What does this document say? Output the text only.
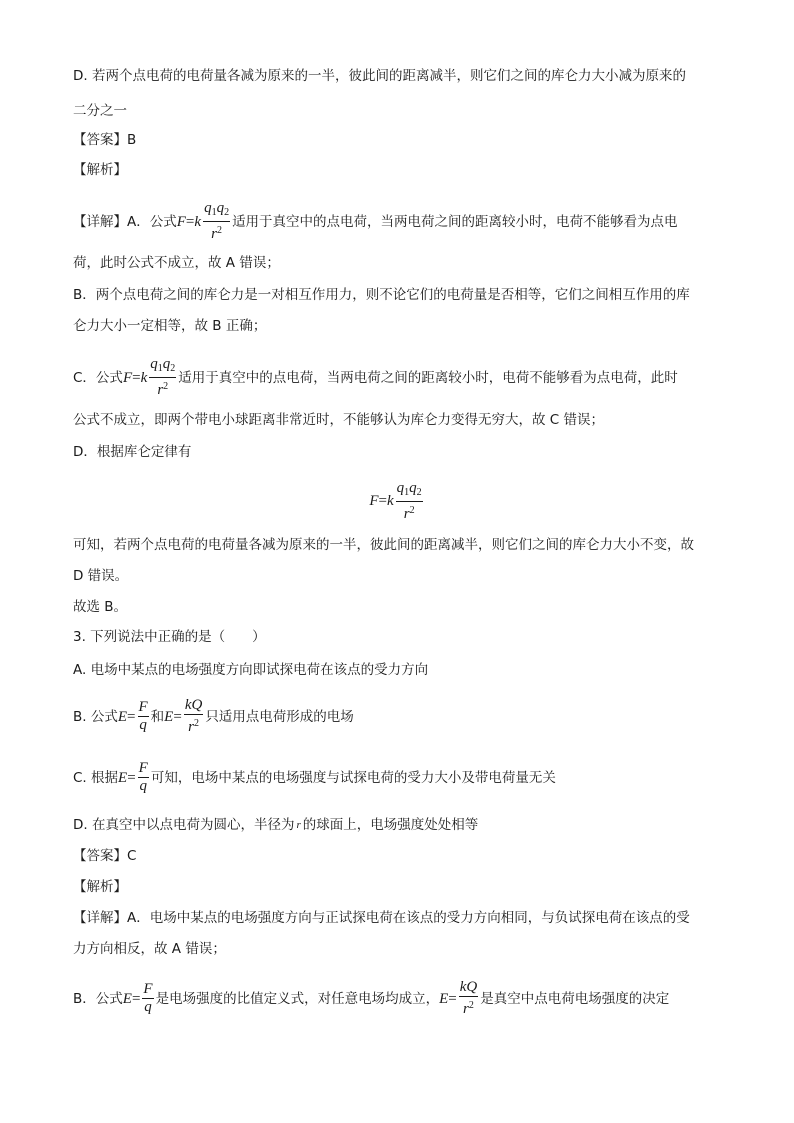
D. 若两个点电荷的电荷量各减为原来的一半，彼此间的距离减半，则它们之间的库仑力大小减为原来的
二分之一
【答案】B
【解析】
【详解】A．公式 F = k $\frac{q_1q_2}{r^2}$ 适用于真空中的点电荷，当两电荷之间的距离较小时，电荷不能够看为点电
荷，此时公式不成立，故 A 错误；
B．两个点电荷之间的库仑力是一对相互作用力，则不论它们的电荷量是否相等，它们之间相互作用的库
仑力大小一定相等，故 B 正确；
C．公式 F = k $\frac{q_1q_2}{r^2}$ 适用于真空中的点电荷，当两电荷之间的距离较小时，电荷不能够看为点电荷，此时
公式不成立，即两个带电小球距离非常近时，不能够认为库仑力变得无穷大，故 C 错误；
D．根据库仑定律有
F = k $\frac{q_1q_2}{r^2}$
可知，若两个点电荷的电荷量各减为原来的一半，彼此间的距离减半，则它们之间的库仑力大小不变，故
D 错误。
故选 B。
3. 下列说法中正确的是（　　）
A. 电场中某点的电场强度方向即试探电荷在该点的受力方向
B. 公式 $E = \frac{F}{q}$ 和 $E = \frac{kQ}{r^2}$ 只适用点电荷形成的电场
C. 根据 $E = \frac{F}{q}$ 可知，电场中某点的电场强度与试探电荷的受力大小及带电荷量无关
D. 在真空中以点电荷为圆心，半径为 r 的球面上，电场强度处处相等
【答案】C
【解析】
【详解】A．电场中某点的电场强度方向与正试探电荷在该点的受力方向相同，与负试探电荷在该点的受
力方向相反，故 A 错误；
B．公式 $E = \frac{F}{q}$ 是电场强度的比值定义式，对任意电场均成立， $E = \frac{kQ}{r^2}$ 是真空中点电荷电场强度的决定
